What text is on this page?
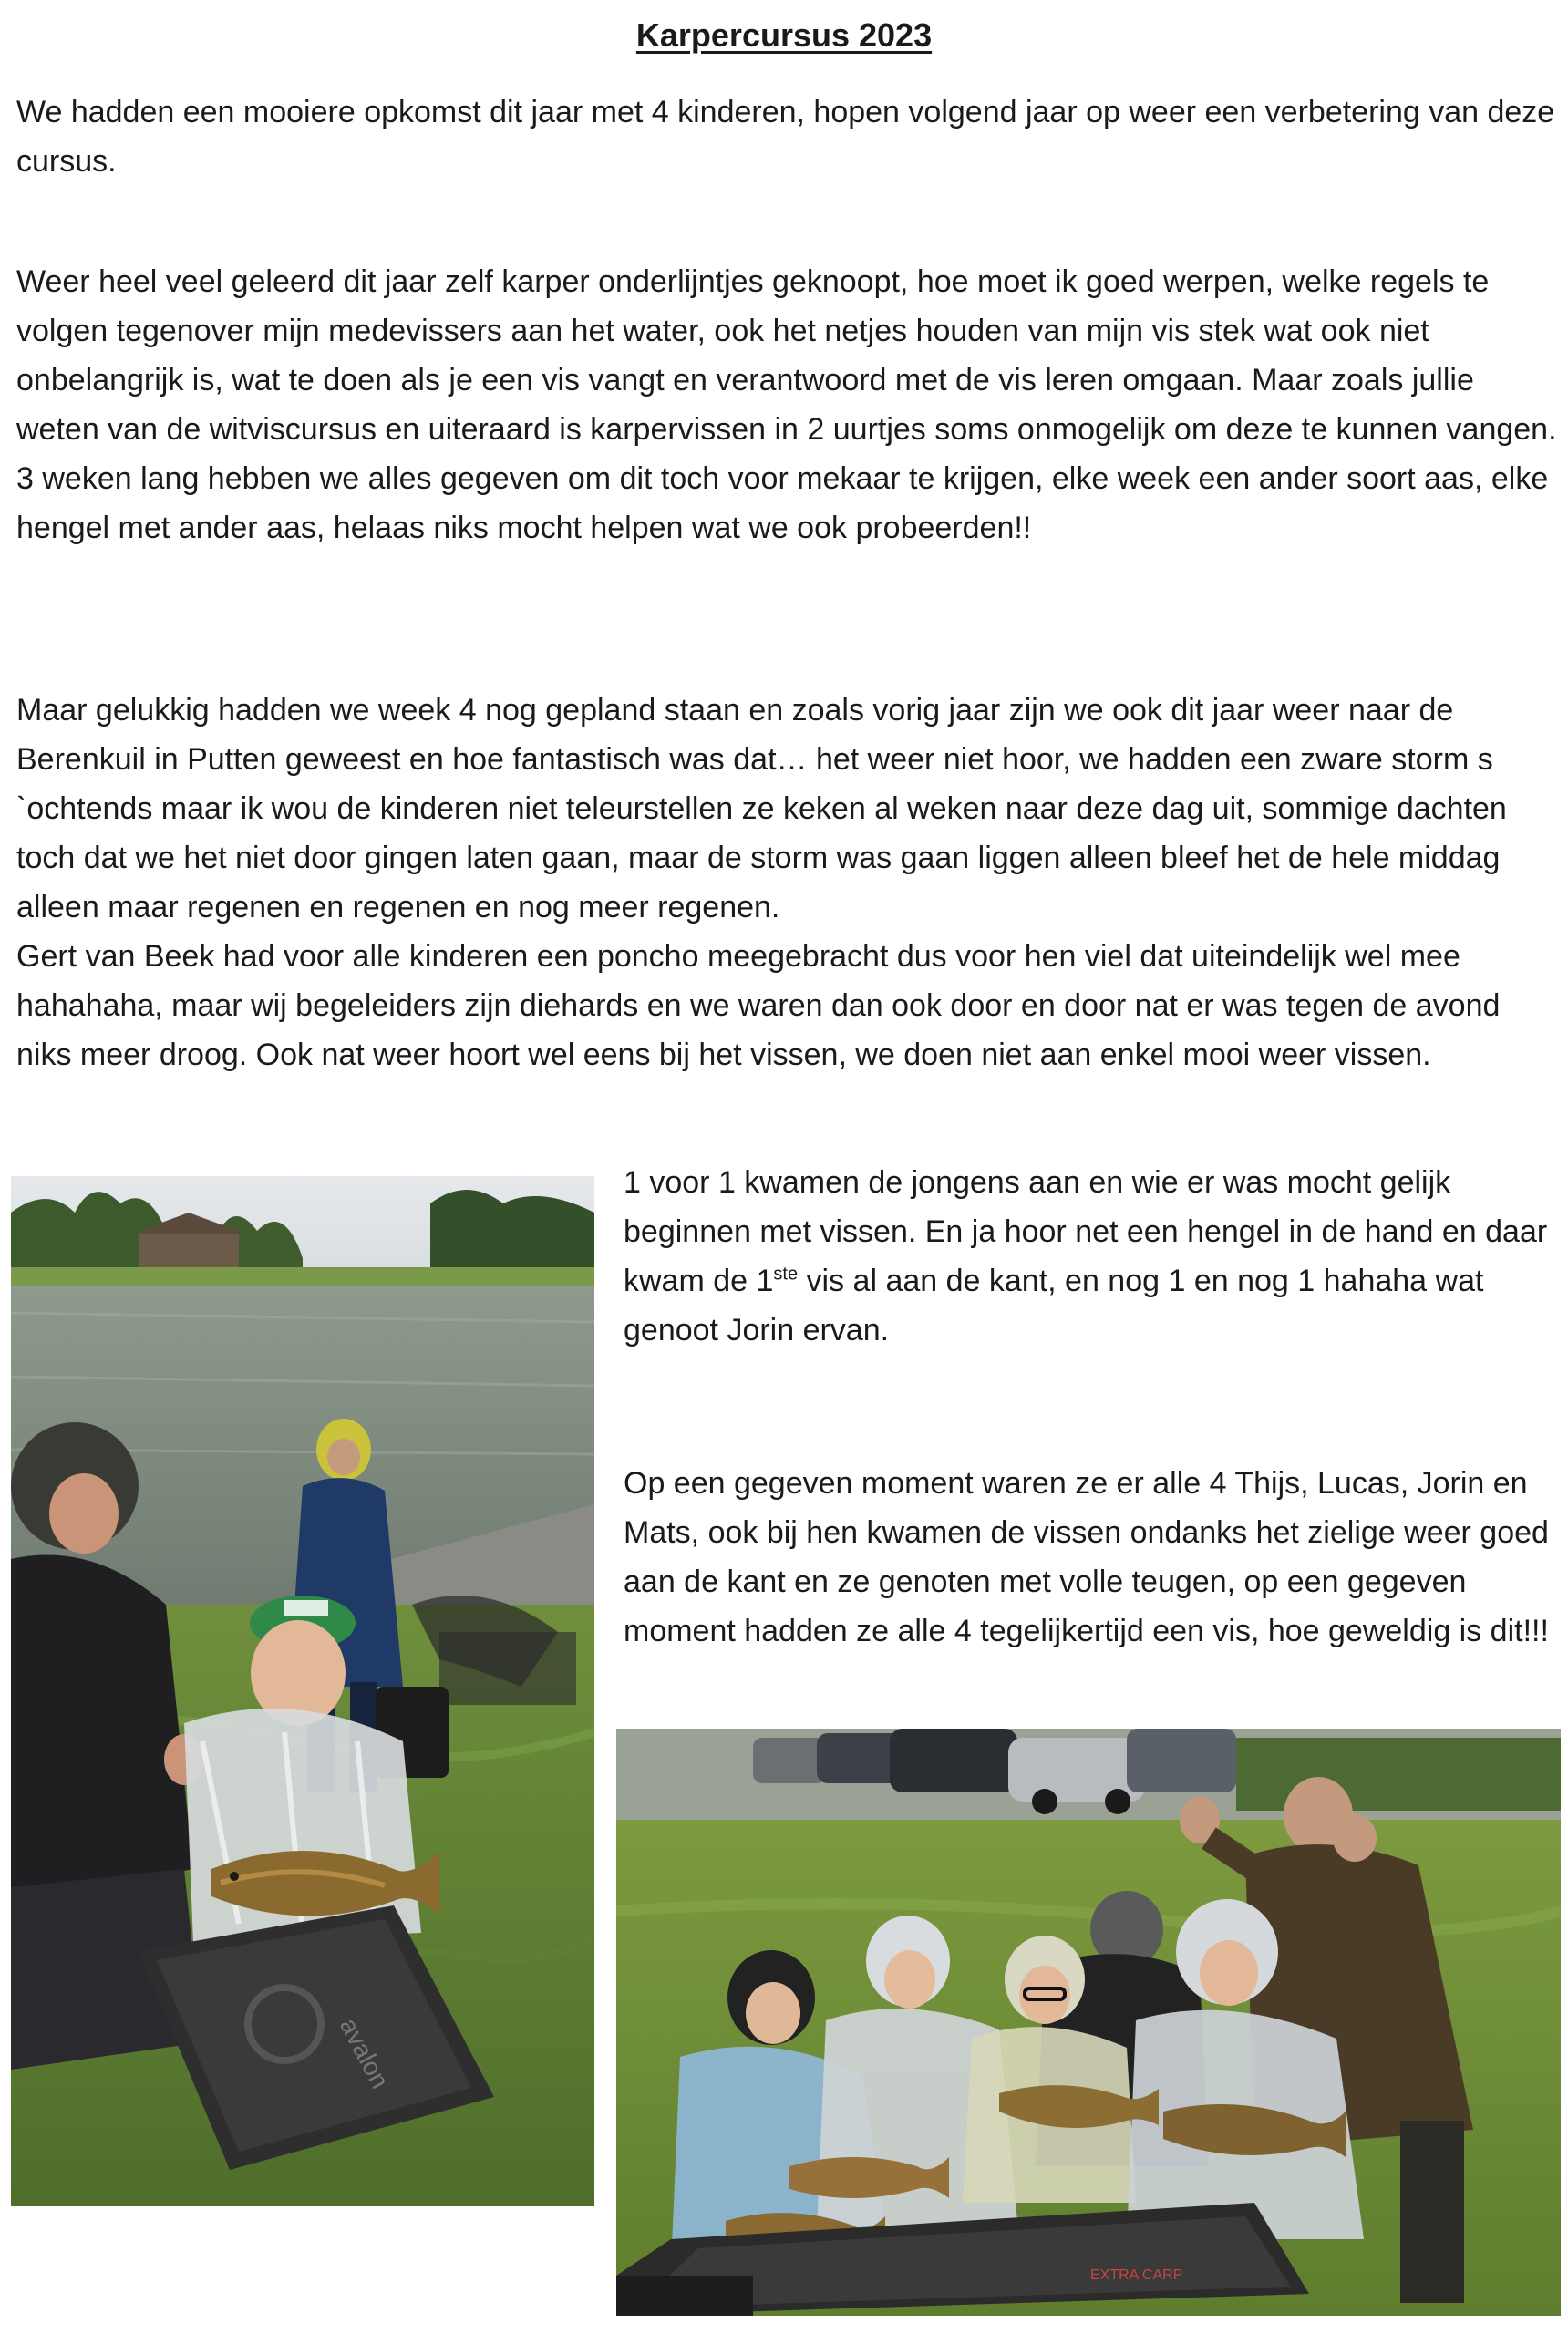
Karpercursus 2023

We hadden een mooiere opkomst dit jaar met 4 kinderen, hopen volgend jaar op weer een verbetering van deze cursus.

Weer heel veel geleerd dit jaar zelf karper onderlijntjes geknoopt, hoe moet ik goed werpen, welke regels te volgen tegenover mijn medevissers aan het water, ook het netjes houden van mijn vis stek wat ook niet onbelangrijk is, wat te doen als je een vis vangt en verantwoord met de vis leren omgaan. Maar zoals jullie weten van de witviscursus en uiteraard is karpervissen in 2 uurtjes soms onmogelijk om deze te kunnen vangen. 3 weken lang hebben we alles gegeven om dit toch voor mekaar te krijgen, elke week een ander soort aas, elke hengel met ander aas, helaas niks mocht helpen wat we ook probeerden!!

Maar gelukkig hadden we week 4 nog gepland staan en zoals vorig jaar zijn we ook dit jaar weer naar de Berenkuil in Putten geweest en hoe fantastisch was dat… het weer niet hoor, we hadden een zware storm s `ochtends maar ik wou de kinderen niet teleurstellen ze keken al weken naar deze dag uit, sommige dachten toch dat we het niet door gingen laten gaan, maar de storm was gaan liggen alleen bleef het de hele middag alleen maar regenen en regenen en nog meer regenen.
Gert van Beek had voor alle kinderen een poncho meegebracht dus voor hen viel dat uiteindelijk wel mee hahahaha, maar wij begeleiders zijn diehards en we waren dan ook door en door nat er was tegen de avond niks meer droog. Ook nat weer hoort wel eens bij het vissen, we doen niet aan enkel mooi weer vissen.

1 voor 1 kwamen de jongens aan en wie er was mocht gelijk beginnen met vissen. En ja hoor net een hengel in de hand en daar kwam de 1ste vis al aan de kant, en nog 1 en nog 1 hahaha wat genoot Jorin ervan.

Op een gegeven moment waren ze er alle 4 Thijs, Lucas, Jorin en Mats, ook bij hen kwamen de vissen ondanks het zielige weer goed aan de kant en ze genoten met volle teugen, op een gegeven moment hadden ze alle 4 tegelijkertijd een vis, hoe geweldig is dit!!!

avalon
EXTRA CARP
